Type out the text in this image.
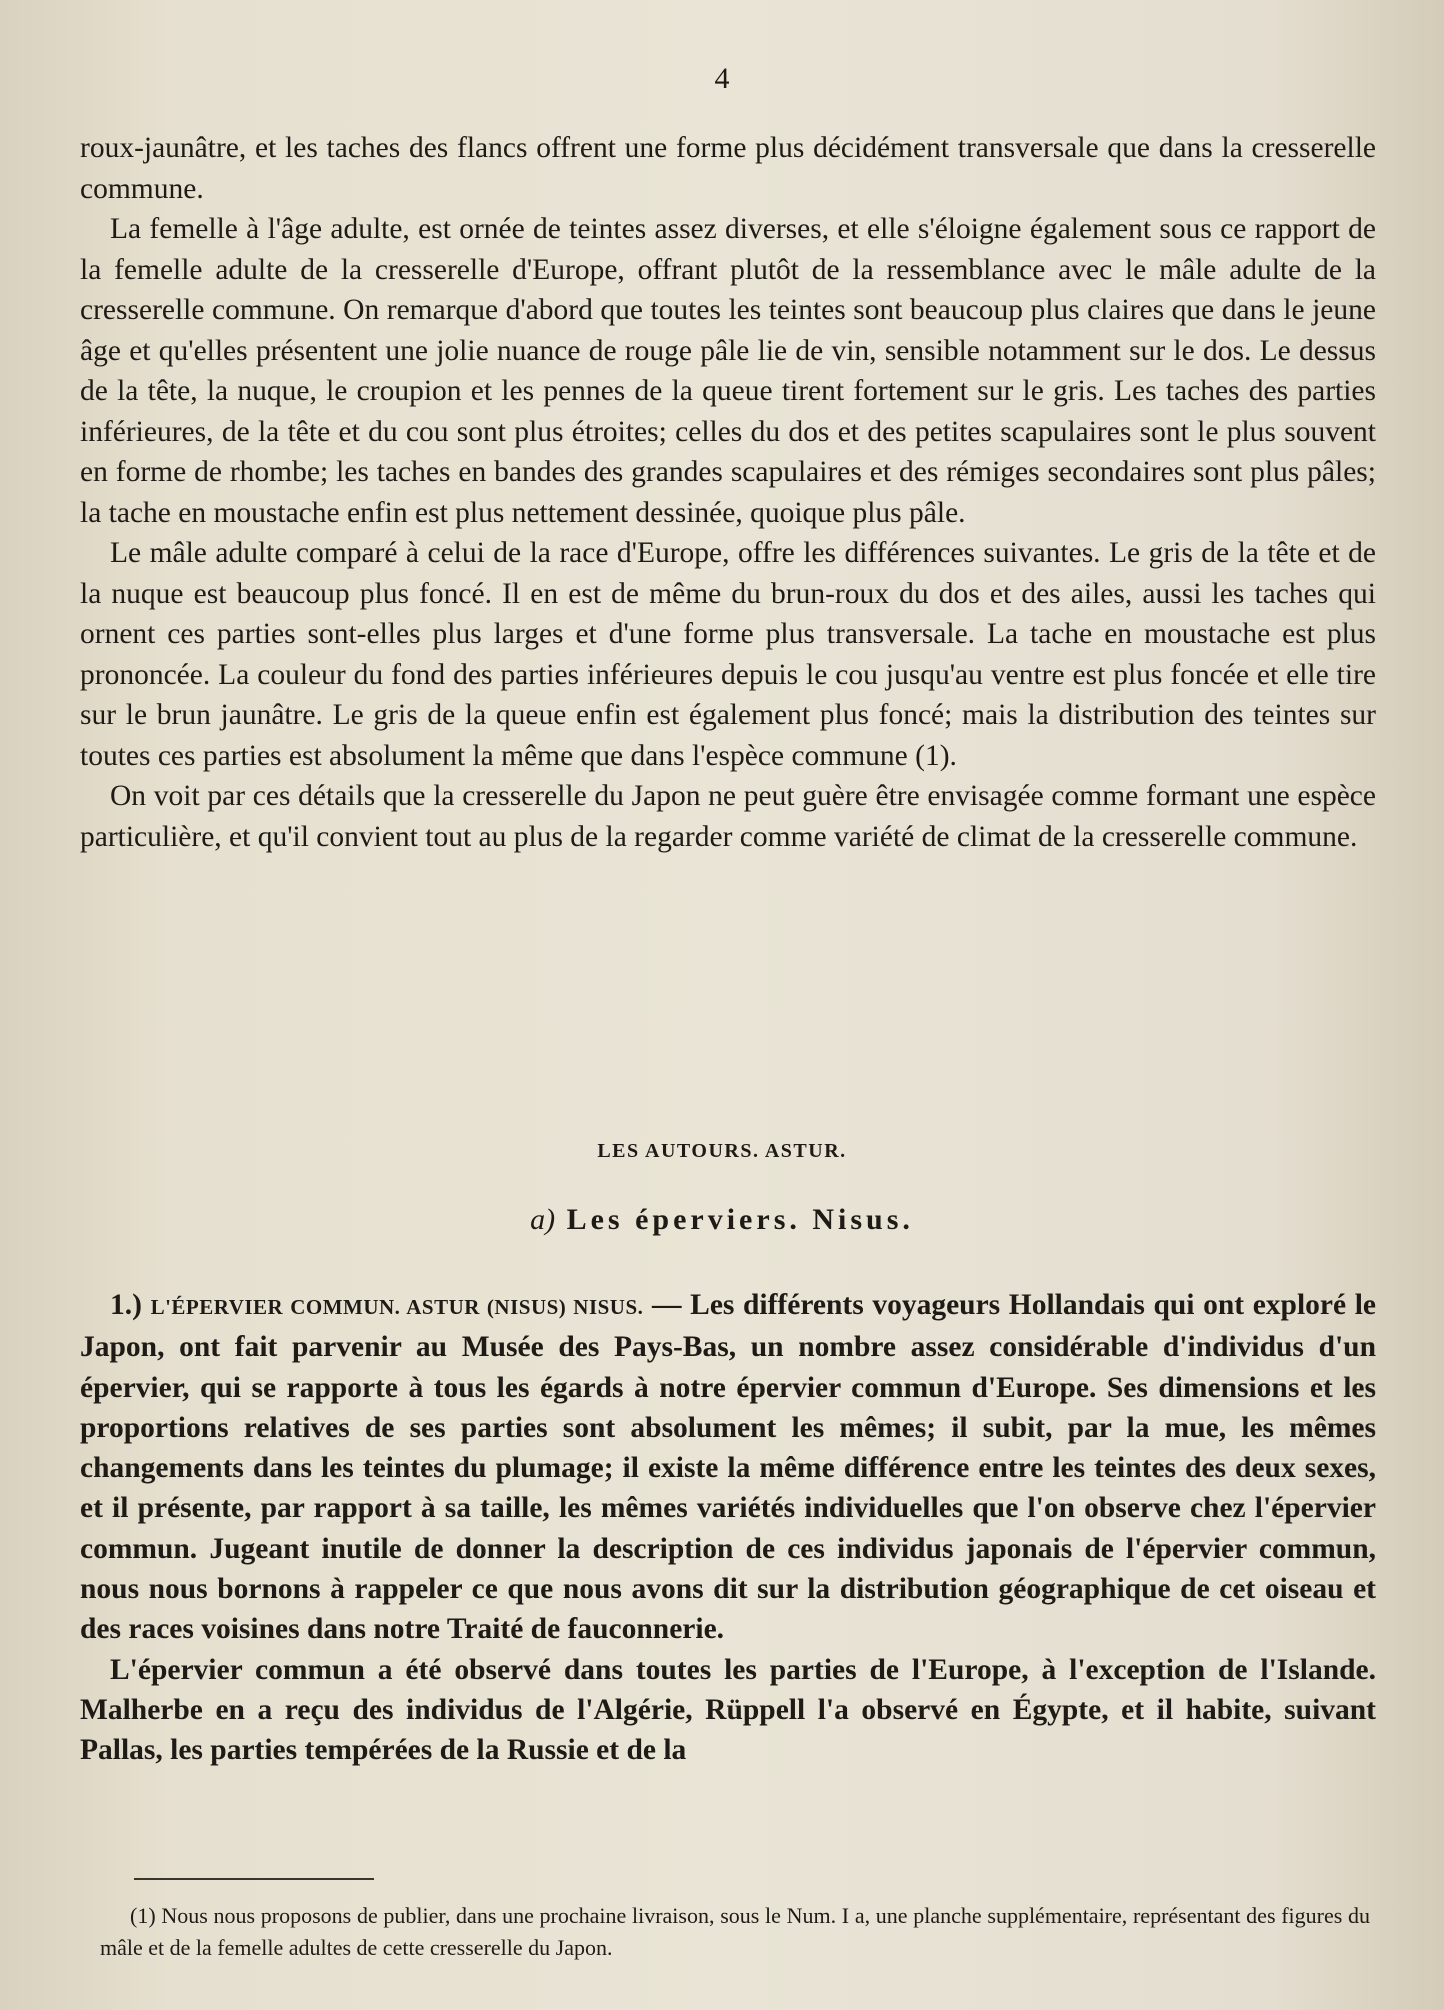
4

roux-jaunâtre, et les taches des flancs offrent une forme plus décidément transversale que dans la cresserelle commune.

La femelle à l'âge adulte, est ornée de teintes assez diverses, et elle s'éloigne également sous ce rapport de la femelle adulte de la cresserelle d'Europe, offrant plutôt de la ressemblance avec le mâle adulte de la cresserelle commune. On remarque d'abord que toutes les teintes sont beaucoup plus claires que dans le jeune âge et qu'elles présentent une jolie nuance de rouge pâle lie de vin, sensible notamment sur le dos. Le dessus de la tête, la nuque, le croupion et les pennes de la queue tirent fortement sur le gris. Les taches des parties inférieures, de la tête et du cou sont plus étroites; celles du dos et des petites scapulaires sont le plus souvent en forme de rhombe; les taches en bandes des grandes scapulaires et des rémiges secondaires sont plus pâles; la tache en moustache enfin est plus nettement dessinée, quoique plus pâle.

Le mâle adulte comparé à celui de la race d'Europe, offre les différences suivantes. Le gris de la tête et de la nuque est beaucoup plus foncé. Il en est de même du brun-roux du dos et des ailes, aussi les taches qui ornent ces parties sont-elles plus larges et d'une forme plus transversale. La tache en moustache est plus prononcée. La couleur du fond des parties inférieures depuis le cou jusqu'au ventre est plus foncée et elle tire sur le brun jaunâtre. Le gris de la queue enfin est également plus foncé; mais la distribution des teintes sur toutes ces parties est absolument la même que dans l'espèce commune (1).

On voit par ces détails que la cresserelle du Japon ne peut guère être envisagée comme formant une espèce particulière, et qu'il convient tout au plus de la regarder comme variété de climat de la cresserelle commune.

LES AUTOURS. ASTUR.
a) Les éperviers. Nisus.

1.) L'ÉPERVIER COMMUN. ASTUR (NISUS) NISUS. — Les différents voyageurs Hollandais qui ont exploré le Japon, ont fait parvenir au Musée des Pays-Bas, un nombre assez considérable d'individus d'un épervier, qui se rapporte à tous les égards à notre épervier commun d'Europe. Ses dimensions et les proportions relatives de ses parties sont absolument les mêmes; il subit, par la mue, les mêmes changements dans les teintes du plumage; il existe la même différence entre les teintes des deux sexes, et il présente, par rapport à sa taille, les mêmes variétés individuelles que l'on observe chez l'épervier commun. Jugeant inutile de donner la description de ces individus japonais de l'épervier commun, nous nous bornons à rappeler ce que nous avons dit sur la distribution géographique de cet oiseau et des races voisines dans notre Traité de fauconnerie.

L'épervier commun a été observé dans toutes les parties de l'Europe, à l'exception de l'Islande. Malherbe en a reçu des individus de l'Algérie, Rüppell l'a observé en Égypte, et il habite, suivant Pallas, les parties tempérées de la Russie et de la

(1) Nous nous proposons de publier, dans une prochaine livraison, sous le Num. I a, une planche supplémentaire, représentant des figures du mâle et de la femelle adultes de cette cresserelle du Japon.
